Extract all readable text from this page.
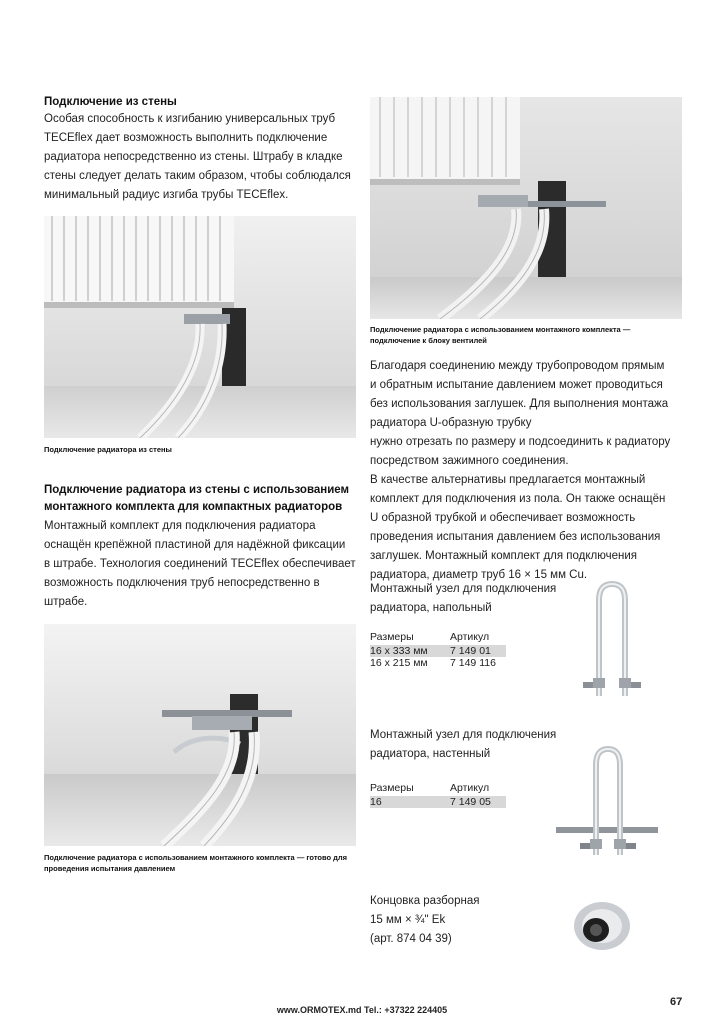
Подключение из стены
Особая способность к изгибанию универсальных труб
TECEflex дает возможность выполнить подключение
радиатора непосредственно из стены. Штрабу в кладке
стены следует делать таким образом, чтобы соблюдался
минимальный радиус изгиба трубы TECEflex.
Подключение радиатора из стены
Подключение радиатора с использованием монтажного комплекта —
подключение к блоку вентилей
Благодаря соединению между трубопроводом прямым
и обратным испытание давлением может проводиться
без использования заглушек. Для выполнения монтажа
радиатора U-образную трубку
нужно отрезать по размеру и подсоединить к радиатору
посредством зажимного соединения.
В качестве альтернативы предлагается монтажный
комплект для подключения из пола. Он также оснащён
U образной трубкой и обеспечивает возможность
проведения испытания давлением без использования
заглушек. Монтажный комплект для подключения
радиатора, диаметр труб 16 × 15 мм Cu.
Подключение радиатора из стены с использованием
монтажного комплекта для компактных радиаторов
Монтажный комплект для подключения радиатора
оснащён крепёжной пластиной для надёжной фиксации
в штрабе. Технология соединений TECEflex обеспечивает
возможность подключения труб непосредственно в
штрабе.
Подключение радиатора с использованием монтажного комплекта — готово для
проведения испытания давлением
Монтажный узел для подключения
радиатора, напольный
Размеры	Артикул
16 x 333 мм 7 149 01
16 x 215 мм 7 149 116
Монтажный узел для подключения
радиатора, настенный
Размеры	Артикул
16	7 149 05
Концовка разборная
15 мм × ¾" Ek
(арт. 874 04 39)
www.ORMOTEX.md Tel.: +37322 224405
67
